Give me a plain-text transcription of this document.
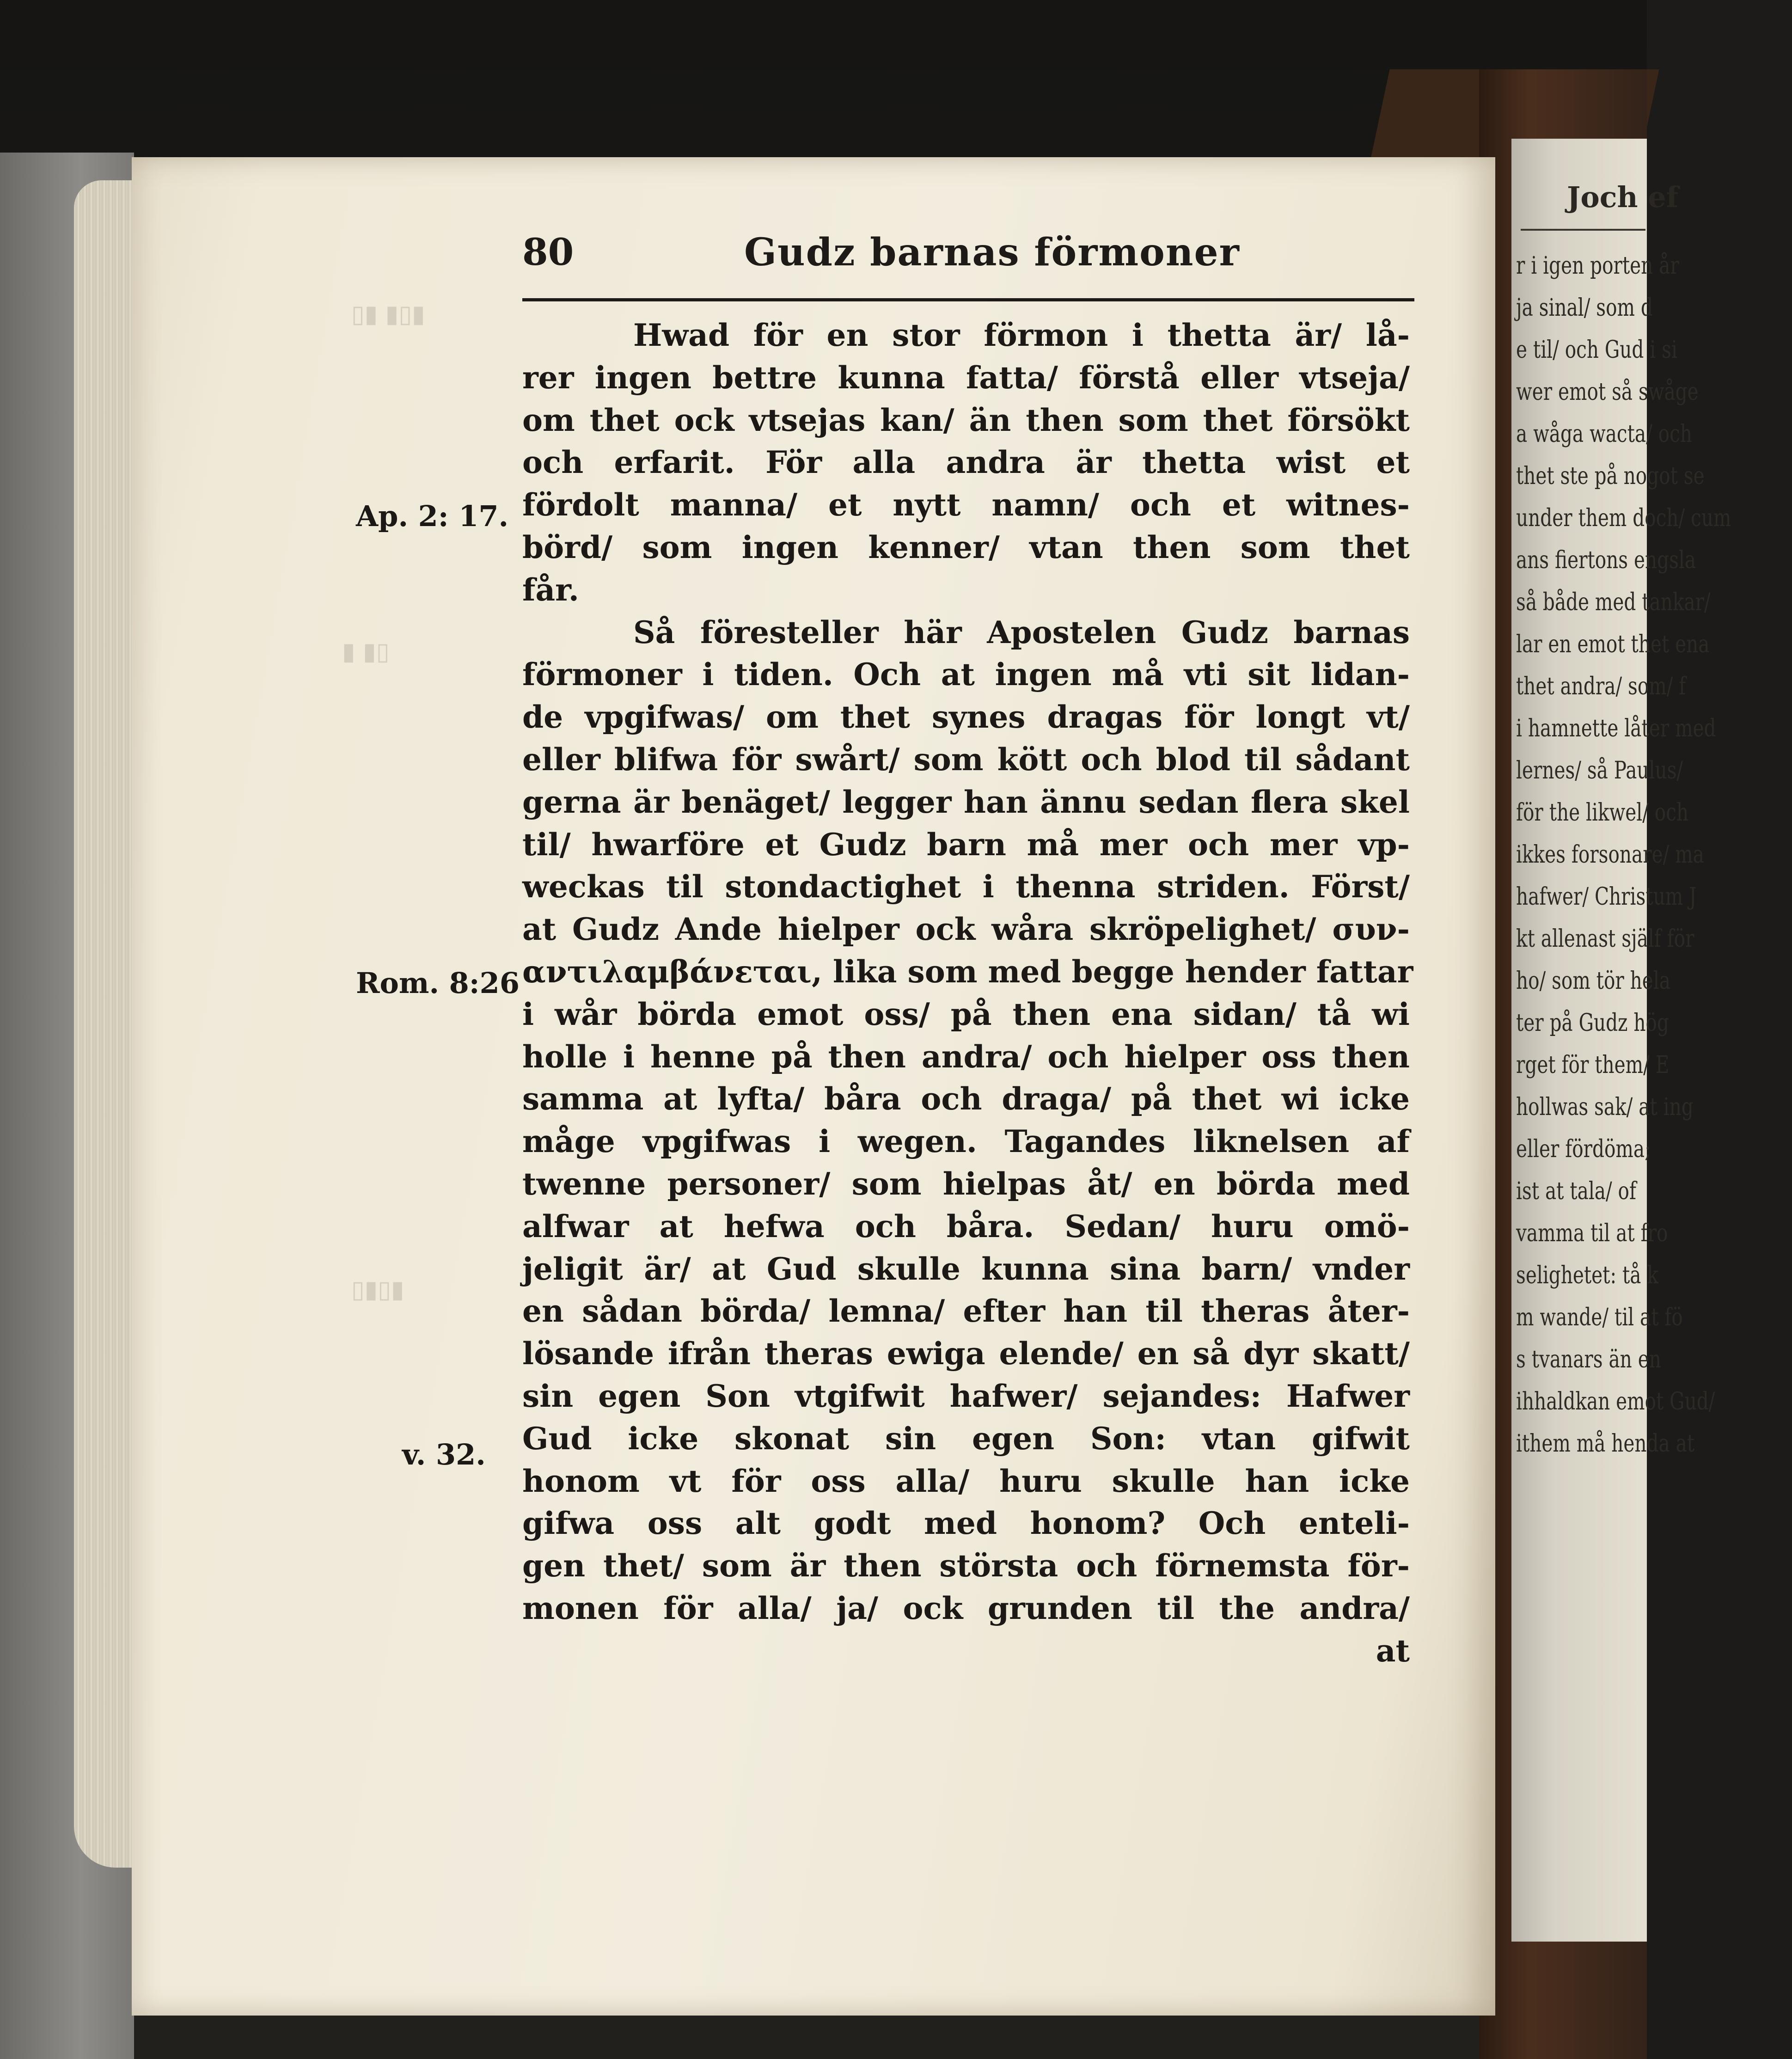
Joch ef
r i igen porten år
ja sinal/ som d
e til/ och Gud i si
wer emot så swåge
a wåga wacta/ och
thet ste på nogot se
under them doch/ cum
ans fiertons engsla
så både med tankar/
lar en emot thet ena
thet andra/ som/ f
i hamnette låter med
lernes/ så Paulus/
för the likwel/ och
ikkes forsonare/ ma
hafwer/ Christum J
kt allenast själf för
ho/ som tör hela
ter på Gudz hög
rget för them/ E
hollwas sak/ at ing
eller fördöma;
ist at tala/ of
vamma til at fro
selighetet: tå k
m wande/ til at fö
s tvanars än en
ihhaldkan emot Gud/
ithem må henda at
▮▯▮ ▮▯
▯▮ ▮
▮▯▮▯
80	Gudz barnas förmoner
Ap. 2: 17.
Rom. 8:26
v. 32.
Hwad för en stor förmon i thetta är/ lå-
rer ingen bettre kunna fatta/ förstå eller vtseja/
om thet ock vtsejas kan/ än then som thet försökt
och erfarit. För alla andra är thetta wist et
fördolt manna/ et nytt namn/ och et witnes-
börd/ som ingen kenner/ vtan then som thet
får.
Så föresteller här Apostelen Gudz barnas
förmoner i tiden. Och at ingen må vti sit lidan-
de vpgifwas/ om thet synes dragas för longt vt/
eller blifwa för swårt/ som kött och blod til sådant
gerna är benäget/ legger han ännu sedan flera skel
til/ hwarföre et Gudz barn må mer och mer vp-
weckas til stondactighet i thenna striden. Först/
at Gudz Ande hielper ock wåra skröpelighet/ συν-
αντιλαμβάνεται, lika som med begge hender fattar
i wår börda emot oss/ på then ena sidan/ tå wi
holle i henne på then andra/ och hielper oss then
samma at lyfta/ båra och draga/ på thet wi icke
måge vpgifwas i wegen. Tagandes liknelsen af
twenne personer/ som hielpas åt/ en börda med
alfwar at hefwa och båra. Sedan/ huru omö-
jeligit är/ at Gud skulle kunna sina barn/ vnder
en sådan börda/ lemna/ efter han til theras åter-
lösande ifrån theras ewiga elende/ en så dyr skatt/
sin egen Son vtgifwit hafwer/ sejandes: Hafwer
Gud icke skonat sin egen Son: vtan gifwit
honom vt för oss alla/ huru skulle han icke
gifwa oss alt godt med honom? Och enteli-
gen thet/ som är then största och förnemsta för-
monen för alla/ ja/ ock grunden til the andra/
at
